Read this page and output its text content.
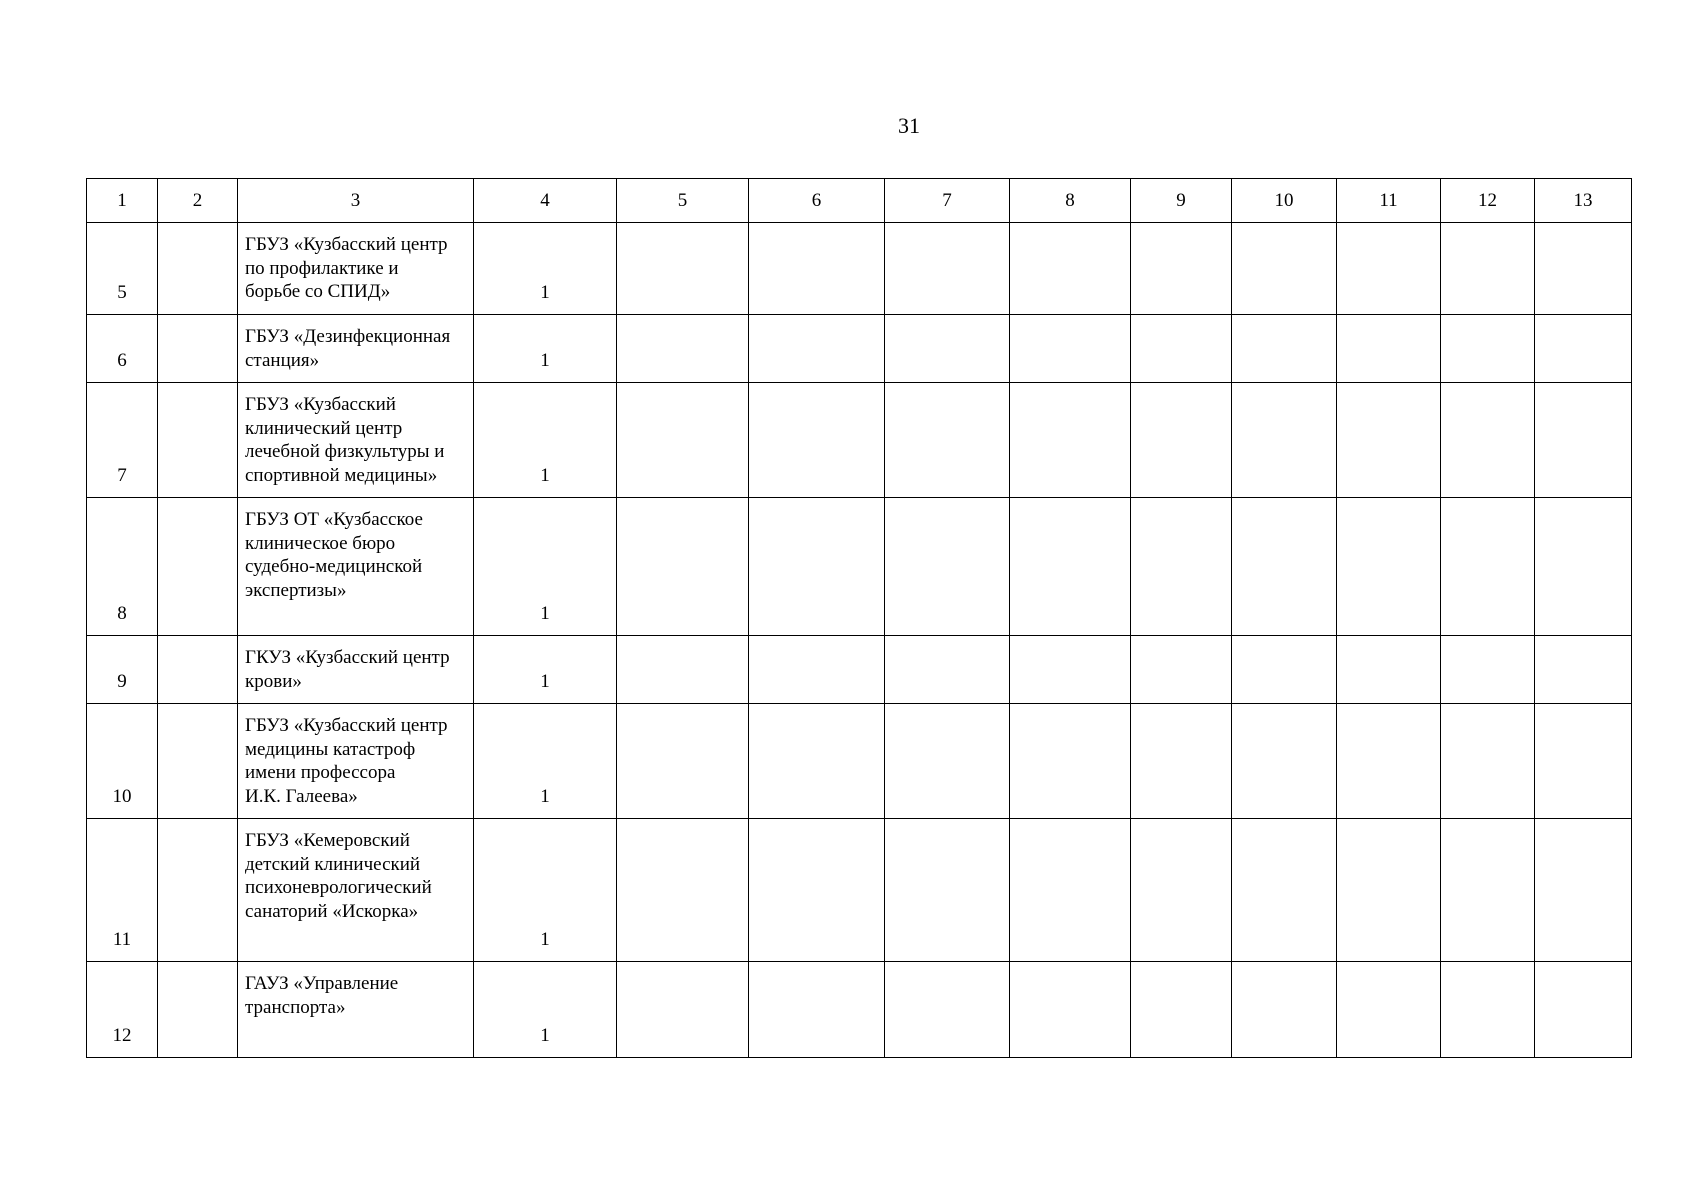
31
1	2	3	4	5	6	7	8	9	10	11	12	13
5		ГБУЗ «Кузбасский центр
по профилактике и
борьбе со СПИД»	1									
6		ГБУЗ «Дезинфекционная
станция»	1									
7		ГБУЗ «Кузбасский
клинический центр
лечебной физкультуры и
спортивной медицины»	1									
8		ГБУЗ ОТ «Кузбасское
клиническое бюро
судебно-медицинской
экспертизы»	1									
9		ГКУЗ «Кузбасский центр
крови»	1									
10		ГБУЗ «Кузбасский центр
медицины катастроф
имени профессора
И.К. Галеева»	1									
11		ГБУЗ «Кемеровский
детский клинический
психоневрологический
санаторий «Искорка»	1									
12		ГАУЗ «Управление
транспорта»	1									
